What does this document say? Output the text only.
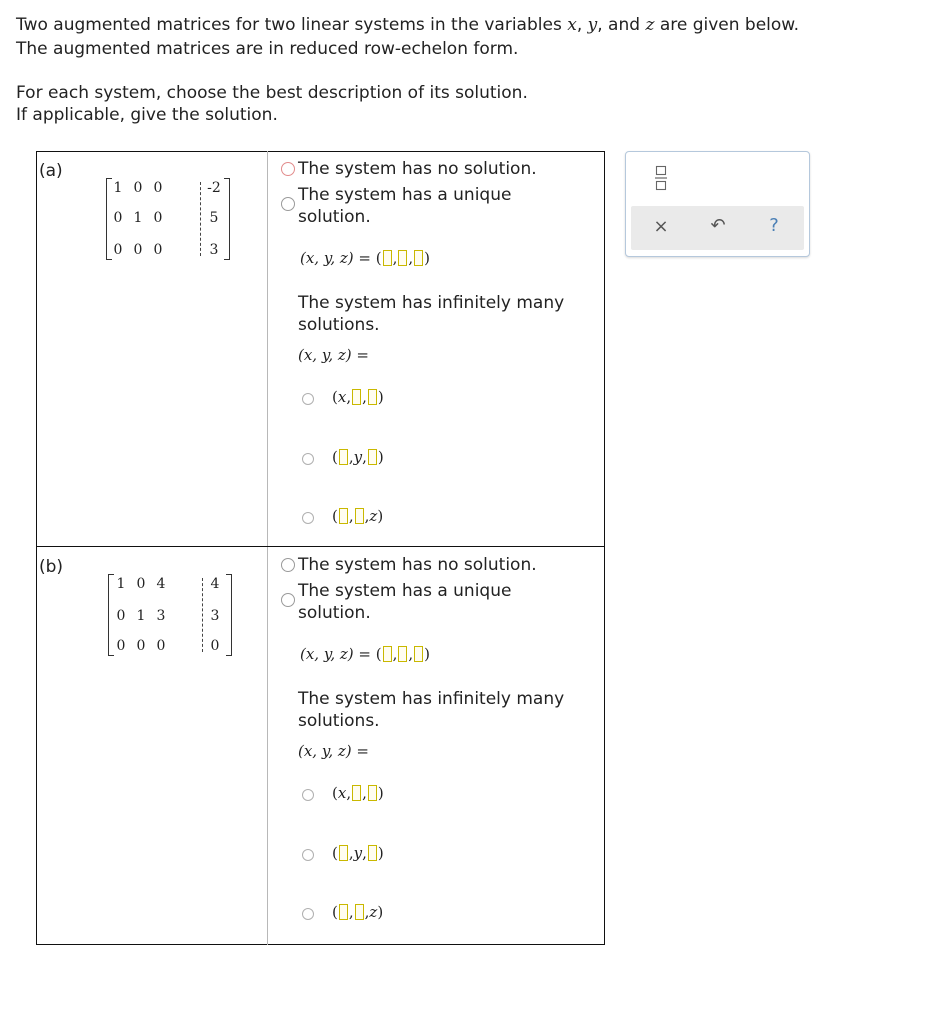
Two augmented matrices for two linear systems in the variables x, y, and z are given below.
The augmented matrices are in reduced row-echelon form.
For each system, choose the best description of its solution.
If applicable, give the solution.
(a)
1 0 0	-2
0 1 0	5
0 0 0	3
The system has no solution.
The system has a unique
solution.
(x, y, z) = ( , , )
The system has infinitely many
solutions.
(x, y, z) =
(x, , )
( ,y, )
( , ,z)
(b)
1 0 4	4
0 1 3	3
0 0 0	0
The system has no solution.
The system has a unique
solution.
(x, y, z) = ( , , )
The system has infinitely many
solutions.
(x, y, z) =
(x, , )
( ,y, )
( , ,z)
× ↶	?
